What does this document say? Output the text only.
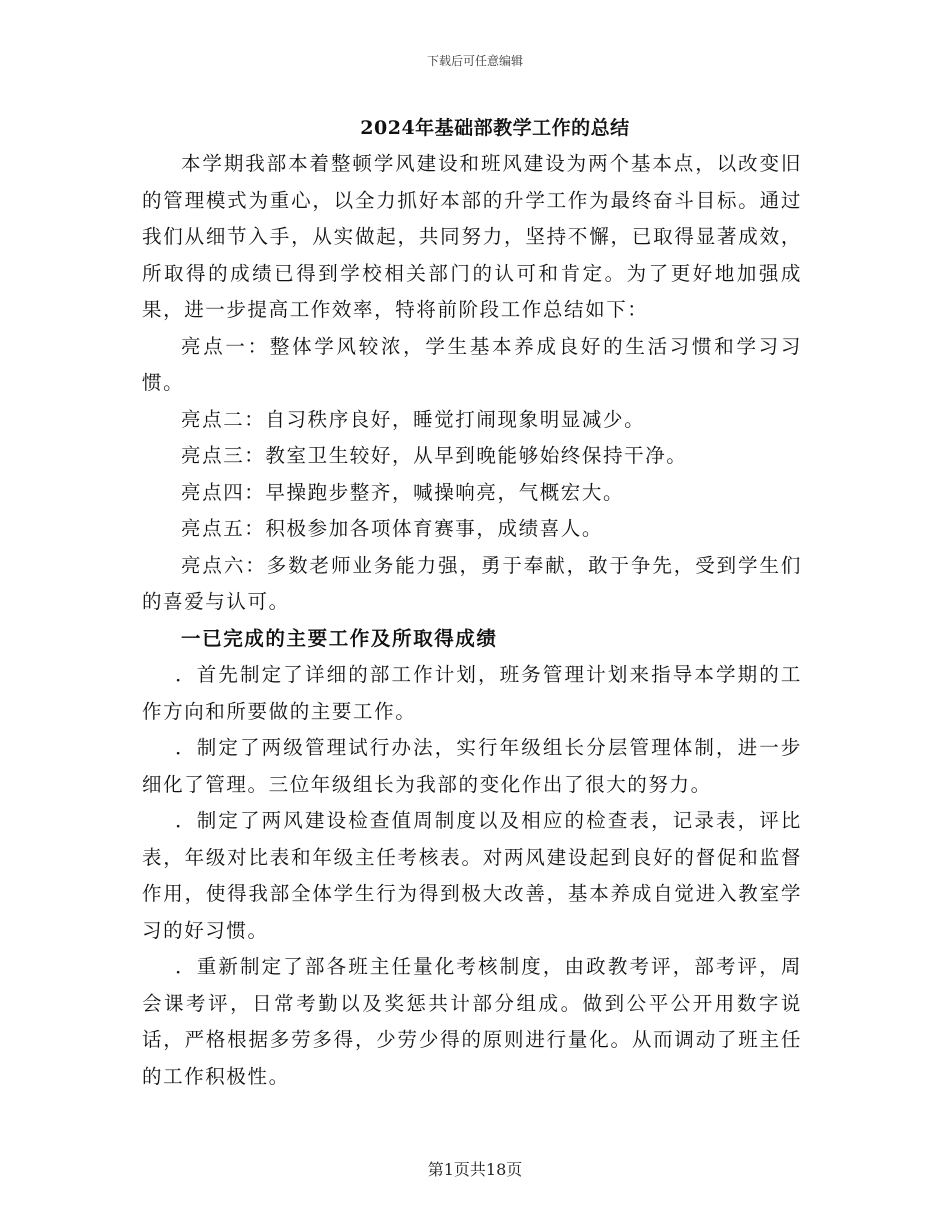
下载后可任意编辑
2024年基础部教学工作的总结

本学期我部本着整顿学风建设和班风建设为两个基本点，以改变旧的管理模式为重心，以全力抓好本部的升学工作为最终奋斗目标。通过我们从细节入手，从实做起，共同努力，坚持不懈，已取得显著成效，所取得的成绩已得到学校相关部门的认可和肯定。为了更好地加强成果，进一步提高工作效率，特将前阶段工作总结如下：

亮点一：整体学风较浓，学生基本养成良好的生活习惯和学习习惯。

亮点二：自习秩序良好，睡觉打闹现象明显减少。

亮点三：教室卫生较好，从早到晚能够始终保持干净。

亮点四：早操跑步整齐，喊操响亮，气概宏大。

亮点五：积极参加各项体育赛事，成绩喜人。

亮点六：多数老师业务能力强，勇于奉献，敢于争先，受到学生们的喜爱与认可。

一已完成的主要工作及所取得成绩

．首先制定了详细的部工作计划，班务管理计划来指导本学期的工作方向和所要做的主要工作。

．制定了两级管理试行办法，实行年级组长分层管理体制，进一步细化了管理。三位年级组长为我部的变化作出了很大的努力。

．制定了两风建设检查值周制度以及相应的检查表，记录表，评比表，年级对比表和年级主任考核表。对两风建设起到良好的督促和监督作用，使得我部全体学生行为得到极大改善，基本养成自觉进入教室学习的好习惯。

．重新制定了部各班主任量化考核制度，由政教考评，部考评，周会课考评，日常考勤以及奖惩共计部分组成。做到公平公开用数字说话，严格根据多劳多得，少劳少得的原则进行量化。从而调动了班主任的工作积极性。

第1页共18页
